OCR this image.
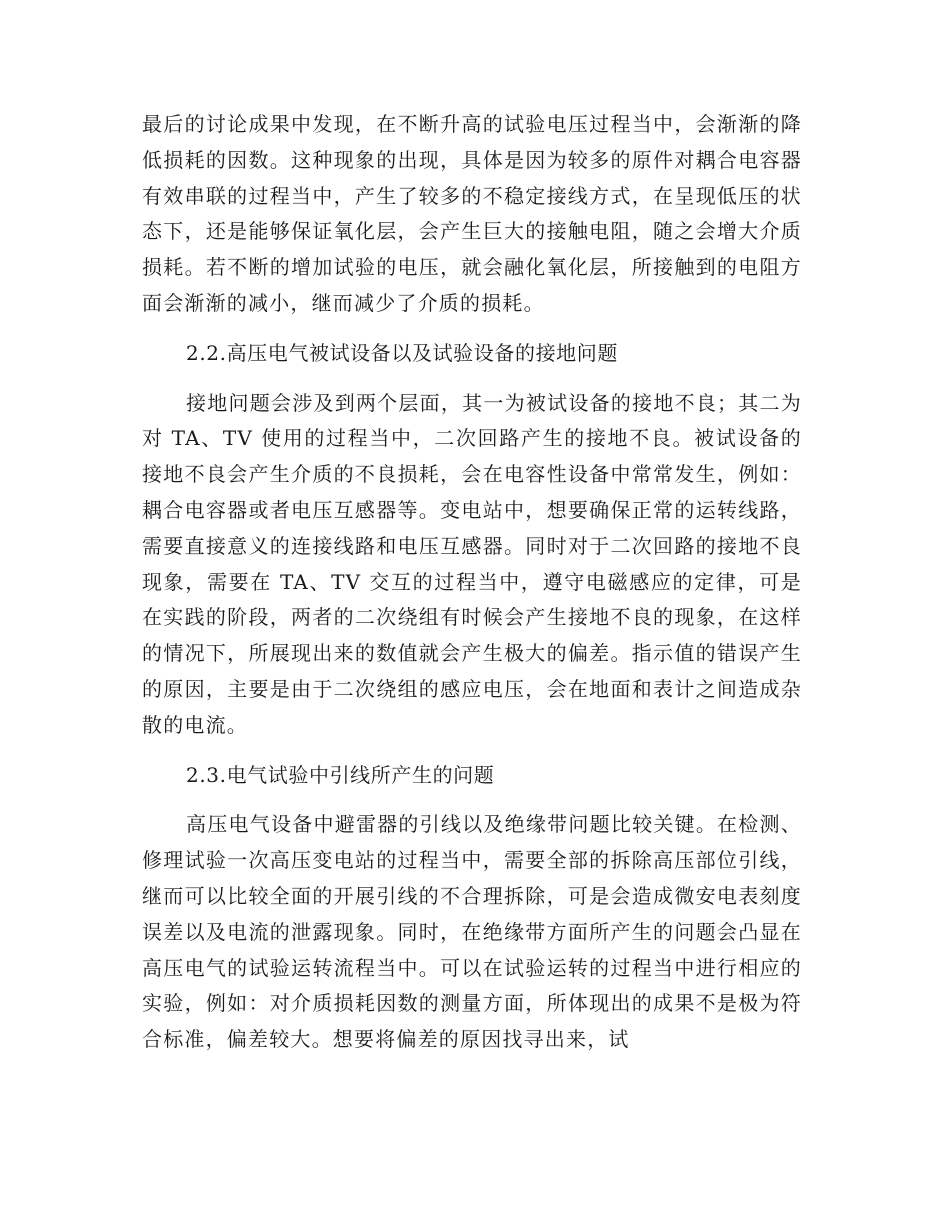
最后的讨论成果中发现，在不断升高的试验电压过程当中，会渐渐的降低损耗的因数。这种现象的出现，具体是因为较多的原件对耦合电容器有效串联的过程当中，产生了较多的不稳定接线方式，在呈现低压的状态下，还是能够保证氧化层，会产生巨大的接触电阻，随之会增大介质损耗。若不断的增加试验的电压，就会融化氧化层，所接触到的电阻方面会渐渐的减小，继而减少了介质的损耗。

2.2.高压电气被试设备以及试验设备的接地问题

接地问题会涉及到两个层面，其一为被试设备的接地不良；其二为对 TA、TV 使用的过程当中，二次回路产生的接地不良。被试设备的接地不良会产生介质的不良损耗，会在电容性设备中常常发生，例如：耦合电容器或者电压互感器等。变电站中，想要确保正常的运转线路，需要直接意义的连接线路和电压互感器。同时对于二次回路的接地不良现象，需要在 TA、TV 交互的过程当中，遵守电磁感应的定律，可是在实践的阶段，两者的二次绕组有时候会产生接地不良的现象，在这样的情况下，所展现出来的数值就会产生极大的偏差。指示值的错误产生的原因，主要是由于二次绕组的感应电压，会在地面和表计之间造成杂散的电流。

2.3.电气试验中引线所产生的问题

高压电气设备中避雷器的引线以及绝缘带问题比较关键。在检测、修理试验一次高压变电站的过程当中，需要全部的拆除高压部位引线，继而可以比较全面的开展引线的不合理拆除，可是会造成微安电表刻度误差以及电流的泄露现象。同时，在绝缘带方面所产生的问题会凸显在高压电气的试验运转流程当中。可以在试验运转的过程当中进行相应的实验，例如：对介质损耗因数的测量方面，所体现出的成果不是极为符合标准，偏差较大。想要将偏差的原因找寻出来，试
